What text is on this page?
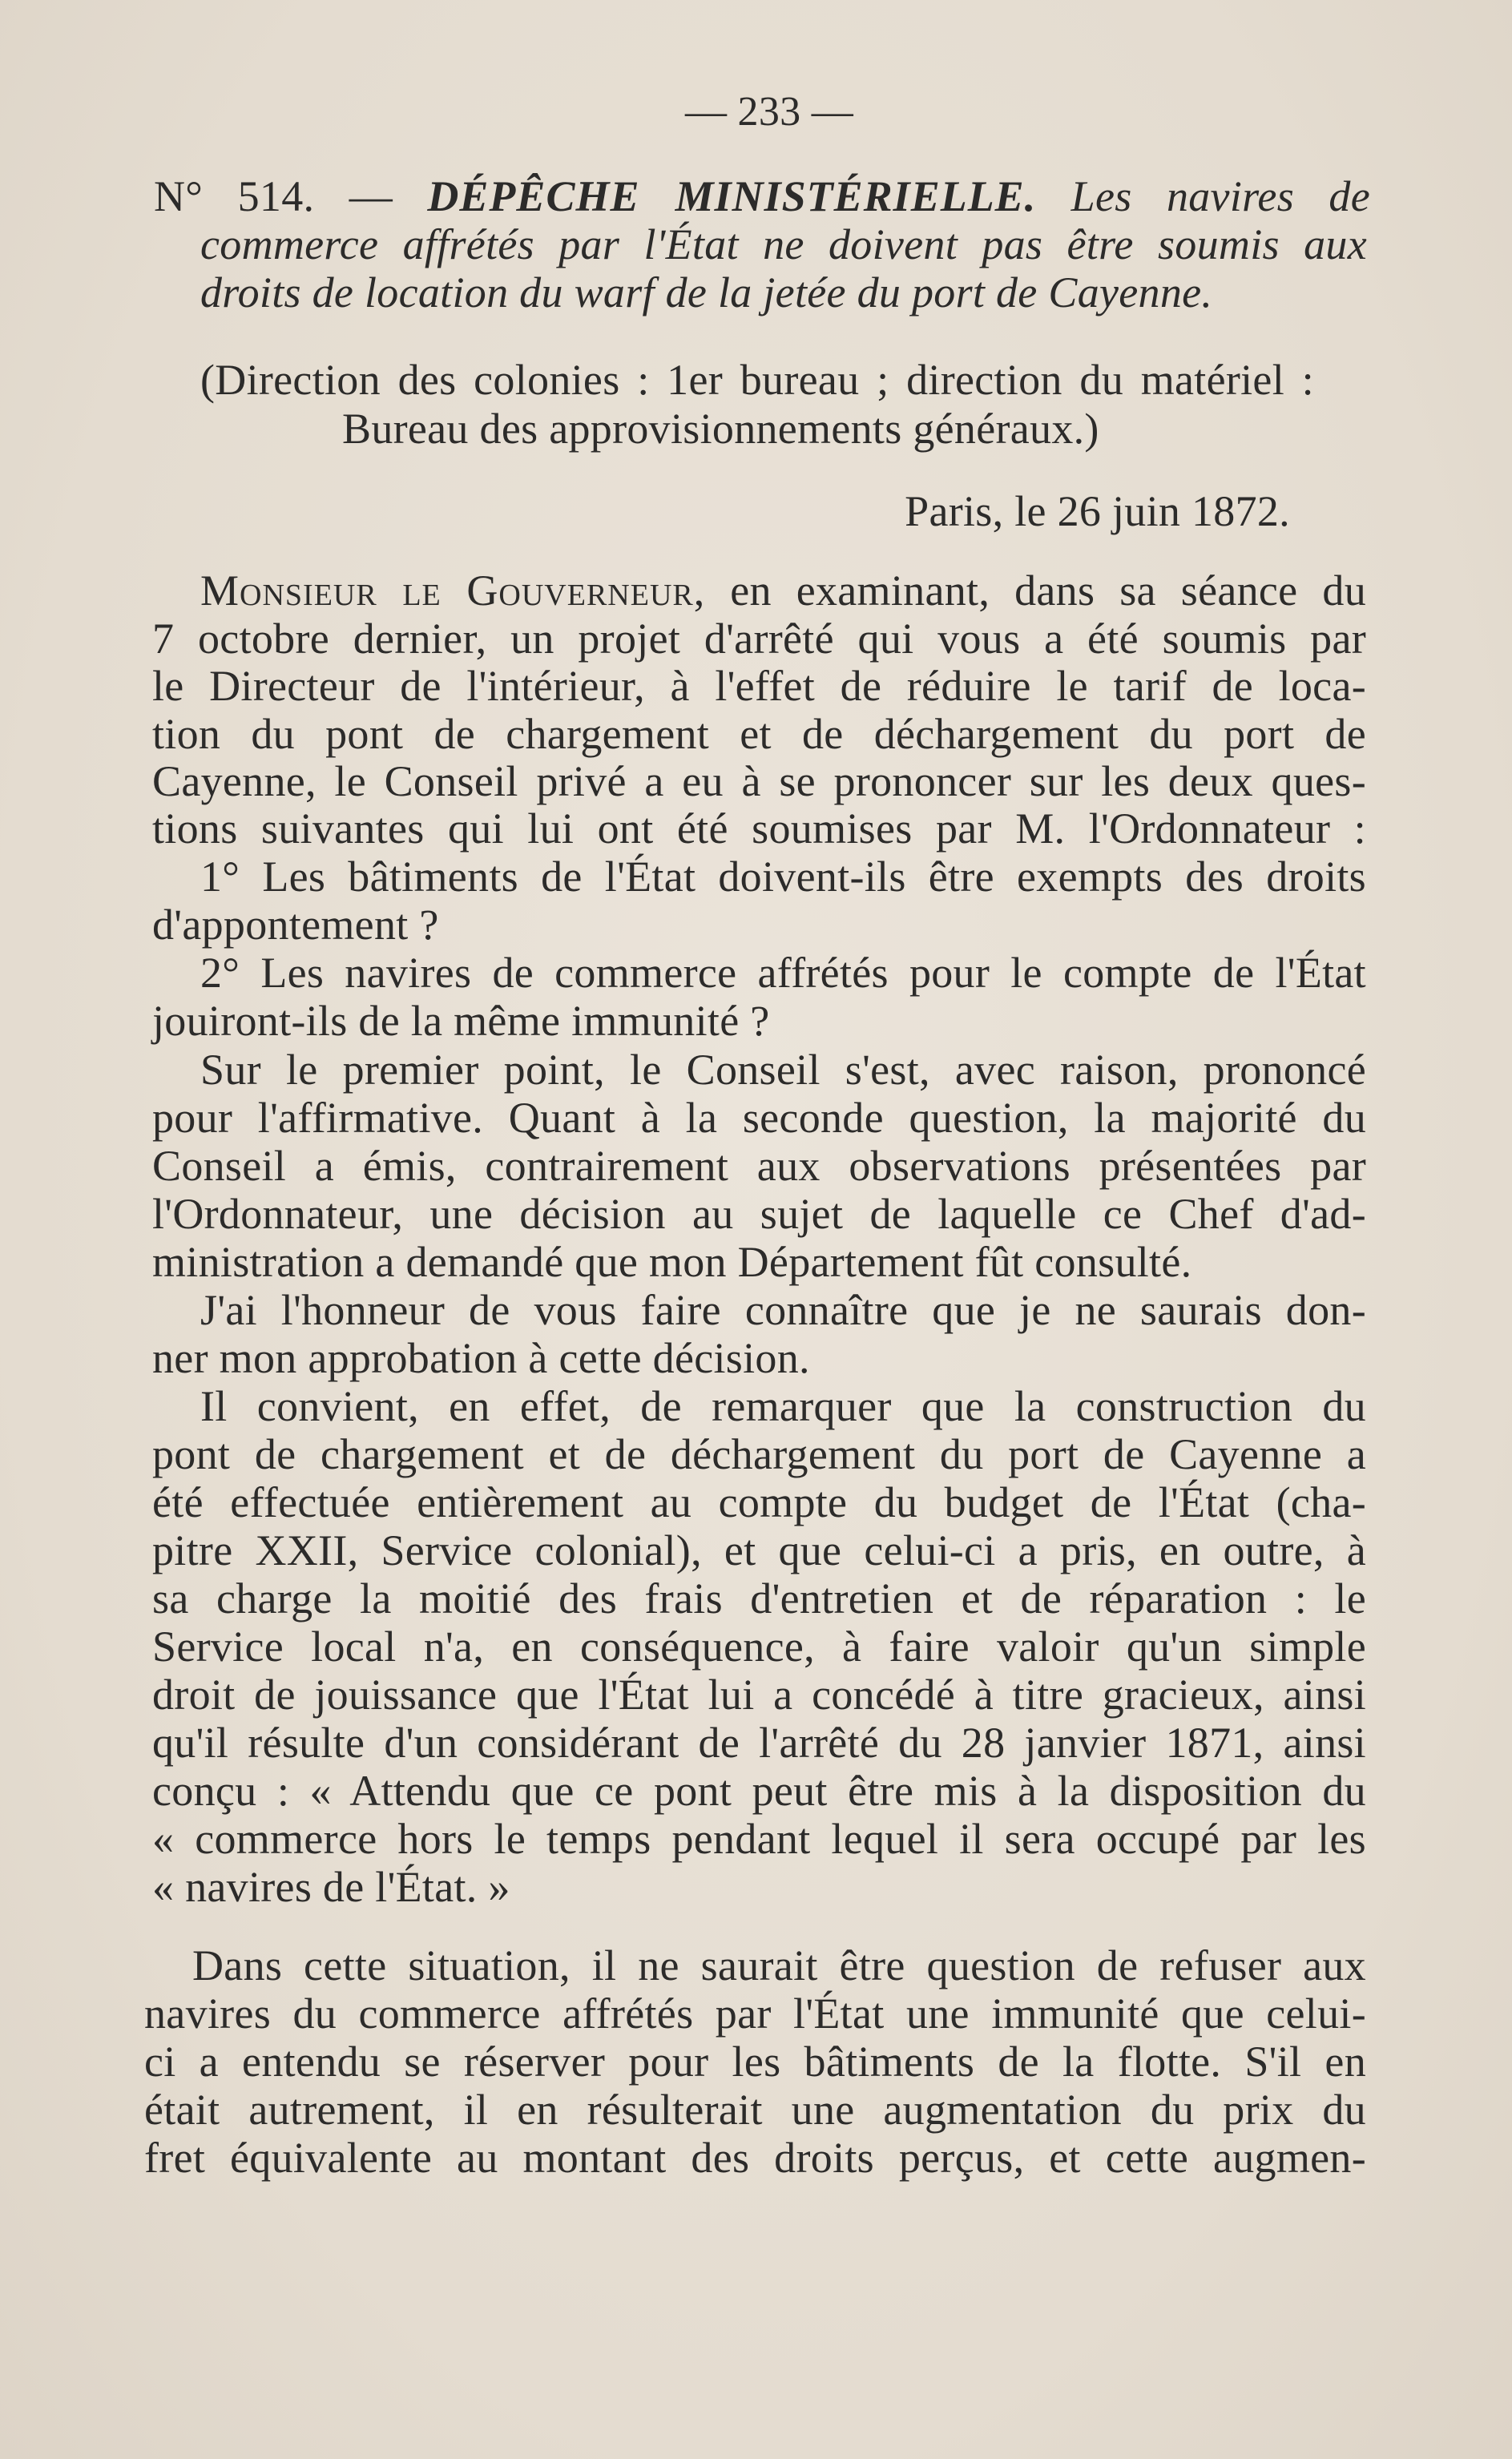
— 233 —
N° 514. — DÉPÊCHE MINISTÉRIELLE. Les navires de
commerce affrétés par l'État ne doivent pas être soumis aux
droits de location du warf de la jetée du port de Cayenne.
(Direction des colonies : 1er bureau ; direction du matériel :
Bureau des approvisionnements généraux.)
Paris, le 26 juin 1872.
Monsieur le Gouverneur, en examinant, dans sa séance du
7 octobre dernier, un projet d'arrêté qui vous a été soumis par
le Directeur de l'intérieur, à l'effet de réduire le tarif de loca-
tion du pont de chargement et de déchargement du port de
Cayenne, le Conseil privé a eu à se prononcer sur les deux ques-
tions suivantes qui lui ont été soumises par M. l'Ordonnateur :
1° Les bâtiments de l'État doivent-ils être exempts des droits
d'appontement ?
2° Les navires de commerce affrétés pour le compte de l'État
jouiront-ils de la même immunité ?
Sur le premier point, le Conseil s'est, avec raison, prononcé
pour l'affirmative. Quant à la seconde question, la majorité du
Conseil a émis, contrairement aux observations présentées par
l'Ordonnateur, une décision au sujet de laquelle ce Chef d'ad-
ministration a demandé que mon Département fût consulté.
J'ai l'honneur de vous faire connaître que je ne saurais don-
ner mon approbation à cette décision.
Il convient, en effet, de remarquer que la construction du
pont de chargement et de déchargement du port de Cayenne a
été effectuée entièrement au compte du budget de l'État (cha-
pitre XXII, Service colonial), et que celui-ci a pris, en outre, à
sa charge la moitié des frais d'entretien et de réparation : le
Service local n'a, en conséquence, à faire valoir qu'un simple
droit de jouissance que l'État lui a concédé à titre gracieux, ainsi
qu'il résulte d'un considérant de l'arrêté du 28 janvier 1871, ainsi
conçu : « Attendu que ce pont peut être mis à la disposition du
« commerce hors le temps pendant lequel il sera occupé par les
« navires de l'État. »
Dans cette situation, il ne saurait être question de refuser aux
navires du commerce affrétés par l'État une immunité que celui-
ci a entendu se réserver pour les bâtiments de la flotte. S'il en
était autrement, il en résulterait une augmentation du prix du
fret équivalente au montant des droits perçus, et cette augmen-
